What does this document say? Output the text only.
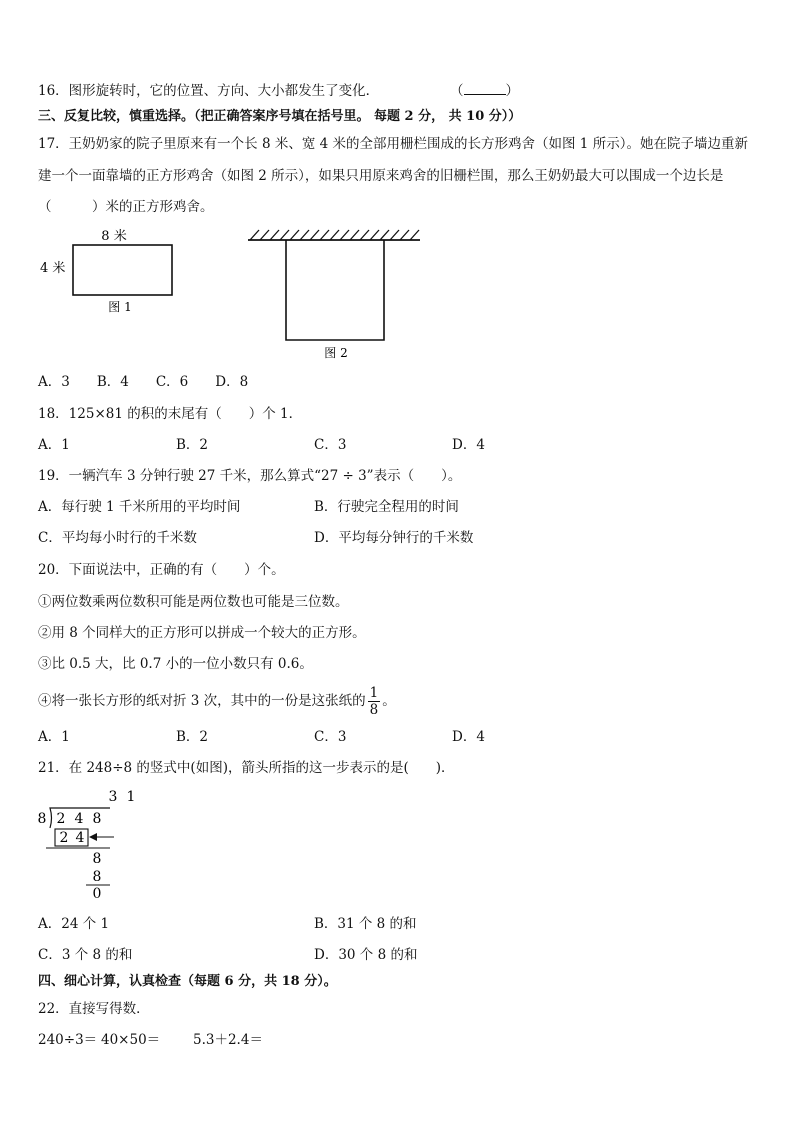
16．图形旋转时，它的位置、方向、大小都发生了变化．	（	）
三、反复比较，慎重选择。（把正确答案序号填在括号里。 每题 2 分， 共 10 分））
17．王奶奶家的院子里原来有一个长 8 米、宽 4 米的全部用栅栏围成的长方形鸡舍（如图 1 所示）。她在院子墙边重新
建一个一面靠墙的正方形鸡舍（如图 2 所示），如果只用原来鸡舍的旧栅栏围，那么王奶奶最大可以围成一个边长是
（　　　）米的正方形鸡舍。
8 米
4 米
图 1
图 2
A．3　　B．4　　C．6　　D．8
18．125×81 的积的末尾有（　　）个 1．
A．1	B．2	C．3	D．4
19．一辆汽车 3 分钟行驶 27 千米，那么算式“27 ÷ 3”表示（　　）。
A．每行驶 1 千米所用的平均时间	B．行驶完全程用的时间
C．平均每小时行的千米数	D．平均每分钟行的千米数
20．下面说法中，正确的有（　　）个。
①两位数乘两位数积可能是两位数也可能是三位数。
②用 8 个同样大的正方形可以拼成一个较大的正方形。
③比 0.5 大，比 0.7 小的一位小数只有 0.6。
④将一张长方形的纸对折 3 次，其中的一份是这张纸的 $\frac{1}{8}$ 。
A．1	B．2	C．3	D．4
21．在 248÷8 的竖式中(如图)，箭头所指的这一步表示的是(　　)．
3 1
8 2 4 8
2 4
8
8
0
A．24 个 1	B．31 个 8 的和
C．3 个 8 的和	D．30 个 8 的和
四、细心计算，认真检查（每题 6 分，共 18 分）。
22．直接写得数．
240÷3＝ 40×50＝ 5.3＋2.4＝
